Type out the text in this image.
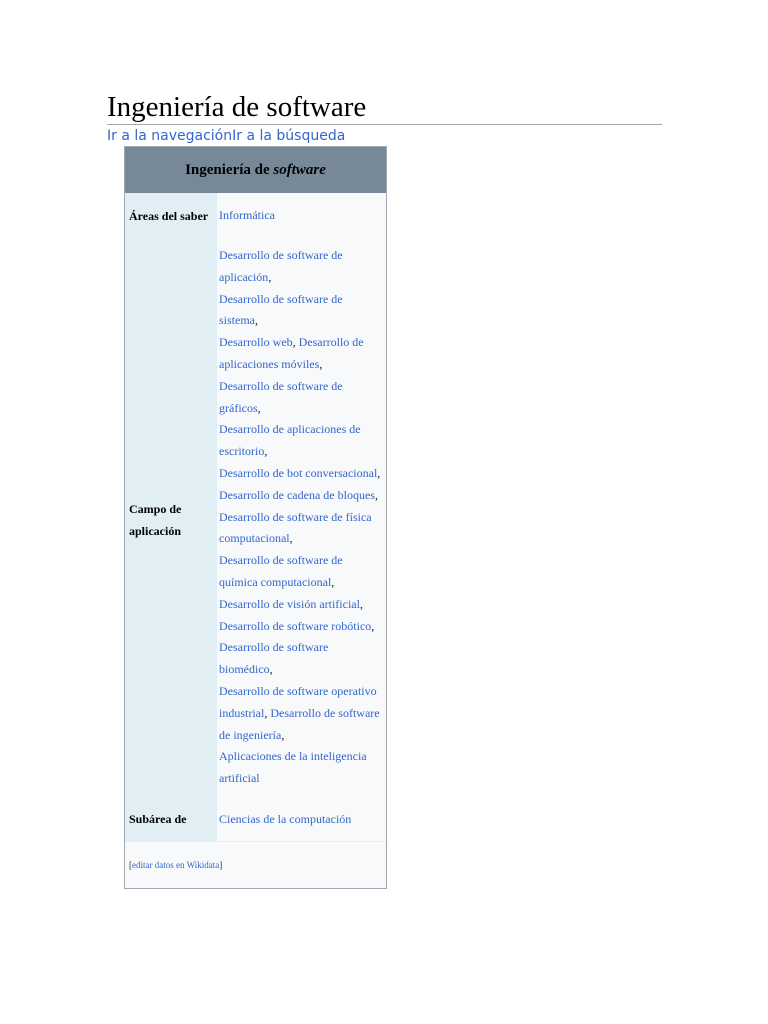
Ingeniería de software
Ir a la navegaciónIr a la búsqueda
Ingeniería de software
Áreas del saber Informática
Campo de aplicación
Desarrollo de software de aplicación,
Desarrollo de software de sistema,
Desarrollo web, Desarrollo de aplicaciones móviles,
Desarrollo de software de gráficos,
Desarrollo de aplicaciones de escritorio,
Desarrollo de bot conversacional,
Desarrollo de cadena de bloques,
Desarrollo de software de física computacional,
Desarrollo de software de química computacional,
Desarrollo de visión artificial,
Desarrollo de software robótico,
Desarrollo de software biomédico,
Desarrollo de software operativo industrial, Desarrollo de software de ingeniería,
Aplicaciones de la inteligencia artificial
Subárea de	Ciencias de la computación
[ editar datos en Wikidata ]
